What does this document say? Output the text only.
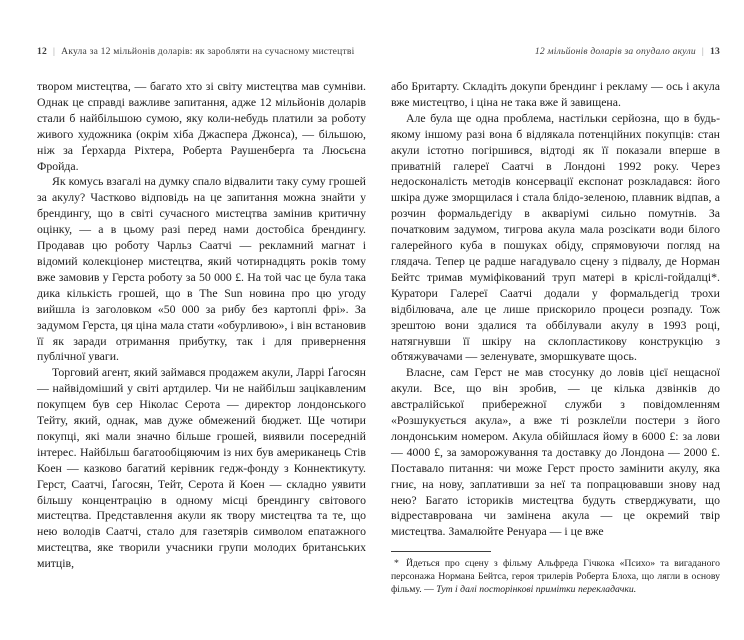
12 | Акула за 12 мільйонів доларів: як заробляти на сучасному мистецтві

твором мистецтва, — багато хто зі світу мистецтва мав сумніви. Однак це справді важливе запитання, адже 12 мільйонів доларів стали б найбільшою сумою, яку коли-небудь платили за роботу живого художника (окрім хіба Джаспера Джонса), — більшою, ніж за Ґерхарда Ріхтера, Роберта Раушенберґа та Люсьєна Фройда.

Як комусь взагалі на думку спало відвалити таку суму грошей за акулу? Частково відповідь на це запитання можна знайти у брендингу, що в світі сучасного мистецтва замінив критичну оцінку, — а в цьому разі перед нами достобіса брендингу. Продавав цю роботу Чарльз Саатчі — рекламний магнат і відомий колекціонер мистецтва, який чотирнадцять років тому вже замовив у Герста роботу за 50 000 £. На той час це була така дика кількість грошей, що в The Sun новина про цю угоду вийшла із заголовком «50 000 за рибу без картоплі фрі». За задумом Герста, ця ціна мала стати «обурливою», і він встановив її як заради отримання прибутку, так і для привернення публічної уваги.

Торговий агент, який займався продажем акули, Ларрі Ґагосян — найвідоміший у світі артдилер. Чи не найбільш зацікавленим покупцем був сер Ніколас Серота — директор лондонського Тейту, який, однак, мав дуже обмежений бюджет. Ще чотири покупці, які мали значно більше грошей, виявили посередній інтерес. Найбільш багатообіцяючим із них був американець Стів Коен — казково багатий керівник гедж-фонду з Коннектикуту. Герст, Саатчі, Ґагосян, Тейт, Серота й Коен — складно уявити більшу концентрацію в одному місці брендингу світового мистецтва. Представлення акули як твору мистецтва та те, що нею володів Саатчі, стало для газетярів символом епатажного мистецтва, яке творили учасники групи молодих британських митців,

12 мільйонів доларів за опудало акули | 13

або Бритарту. Складіть докупи брендинг і рекламу — ось і акула вже мистецтво, і ціна не така вже й завищена.

Але була ще одна проблема, настільки серйозна, що в будь-якому іншому разі вона б відлякала потенційних покупців: стан акули істотно погіршився, відтоді як її показали вперше в приватній галереї Саатчі в Лондоні 1992 року. Через недосконалість методів консервації експонат розкладався: його шкіра дуже зморщилася і стала блідо-зеленою, плавник відпав, а розчин формальдегіду в акваріумі сильно помутнів. За початковим задумом, тигрова акула мала розсікати води білого галерейного куба в пошуках обіду, спрямовуючи погляд на глядача. Тепер це радше нагадувало сцену з підвалу, де Норман Бейтс тримав муміфікований труп матері в кріслі-гойдалці*. Куратори Галереї Саатчі додали у формальдегід трохи відбілювача, але це лише прискорило процеси розпаду. Тож зрештою вони здалися та оббілували акулу в 1993 році, натягнувши її шкіру на склопластикову конструкцію з обтяжувачами — зеленувате, зморшкувате щось.

Власне, сам Герст не мав стосунку до ловів цієї нещасної акули. Все, що він зробив, — це кілька дзвінків до австралійської прибережної служби з повідомленням «Розшукується акула», а вже ті розклеїли постери з його лондонським номером. Акула обійшлася йому в 6000 £: за лови — 4000 £, за заморожування та доставку до Лондона — 2000 £. Поставало питання: чи може Герст просто замінити акулу, яка гниє, на нову, заплативши за неї та попрацювавши знову над нею? Багато істориків мистецтва будуть стверджувати, що відреставрована чи замінена акула — це окремий твір мистецтва. Замалюйте Ренуара — і це вже

* Йдеться про сцену з фільму Альфреда Гічкока «Психо» та вигаданого персонажа Нормана Бейтса, героя трилерів Роберта Блоха, що лягли в основу фільму. — Тут і далі посторінкові примітки перекладачки.
